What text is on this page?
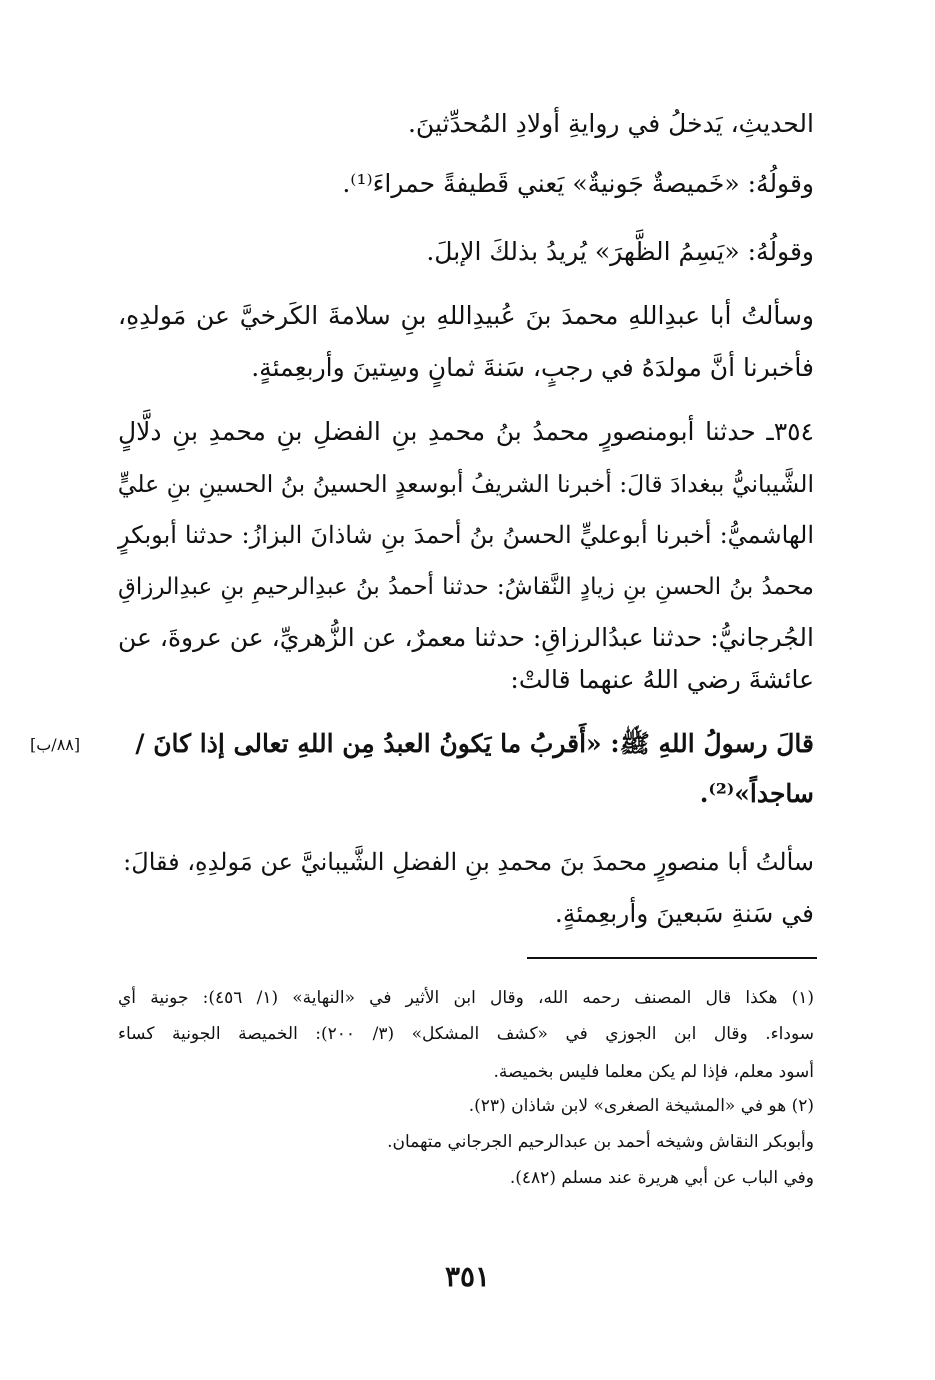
الحديثِ، يَدخلُ في روايةِ أولادِ المُحدِّثينَ.
وقولُهُ: «خَميصةٌ جَونيةٌ» يَعني قَطيفةً حمراءَ⁽¹⁾.
وقولُهُ: «يَسِمُ الظَّهرَ» يُريدُ بذلكَ الإبلَ.
وسألتُ أبا عبدِاللهِ محمدَ بنَ عُبيدِاللهِ بنِ سلامةَ الكَرخيَّ عن مَولدِهِ،
فأخبرنا أنَّ مولدَهُ في رجبٍ، سَنةَ ثمانٍ وسِتينَ وأربعِمئةٍ.
٣٥٤ـ حدثنا أبومنصورٍ محمدُ بنُ محمدِ بنِ الفضلِ بنِ محمدِ بنِ دلَّالٍ
الشَّيبانيُّ ببغدادَ قالَ: أخبرنا الشريفُ أبوسعدٍ الحسينُ بنُ الحسينِ بنِ عليٍّ
الهاشميُّ: أخبرنا أبوعليٍّ الحسنُ بنُ أحمدَ بنِ شاذانَ البزازُ: حدثنا أبوبكرٍ
محمدُ بنُ الحسنِ بنِ زيادٍ النَّقاشُ: حدثنا أحمدُ بنُ عبدِالرحيمِ بنِ عبدِالرزاقِ
الجُرجانيُّ: حدثنا عبدُالرزاقِ: حدثنا معمرٌ، عن الزُّهريِّ، عن عروةَ، عن
عائشةَ رضي اللهُ عنهما قالتْ:
قالَ رسولُ اللهِ ﷺ: «أَقربُ ما يَكونُ العبدُ مِن اللهِ تعالى إذا كانَ /
ساجداً»⁽²⁾.
سألتُ أبا منصورٍ محمدَ بنَ محمدِ بنِ الفضلِ الشَّيبانيَّ عن مَولدِهِ، فقالَ:
في سَنةِ سَبعينَ وأربعِمئةٍ.
[٨٨/ب]
(١) هكذا قال المصنف رحمه الله، وقال ابن الأثير في «النهاية» (١/ ٤٥٦): جونية أي
سوداء. وقال ابن الجوزي في «كشف المشكل» (٣/ ٢٠٠): الخميصة الجونية كساء
أسود معلم، فإذا لم يكن معلما فليس بخميصة.
(٢) هو في «المشيخة الصغرى» لابن شاذان (٢٣).
وأبوبكر النقاش وشيخه أحمد بن عبدالرحيم الجرجاني متهمان.
وفي الباب عن أبي هريرة عند مسلم (٤٨٢).
٣٥١
